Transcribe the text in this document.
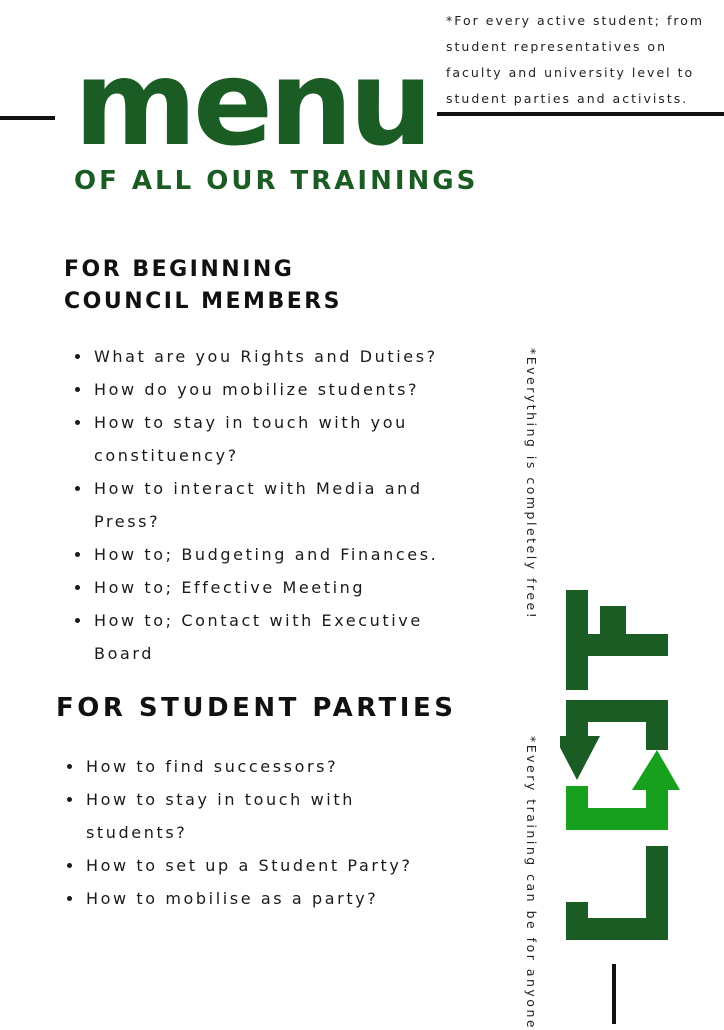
*For every active student; from student representatives on faculty and university level to student parties and activists.
menu
OF ALL OUR TRAININGS
FOR BEGINNING
COUNCIL MEMBERS
• What are you Rights and Duties?
• How do you mobilize students?
• How to stay in touch with you constituency?
• How to interact with Media and Press?
• How to; Budgeting and Finances.
• How to; Effective Meeting
• How to; Contact with Executive Board
FOR STUDENT PARTIES
• How to find successors?
• How to stay in touch with students?
• How to set up a Student Party?
• How to mobilise as a party?
*Everything is completely free!
*Every training can be for anyone
